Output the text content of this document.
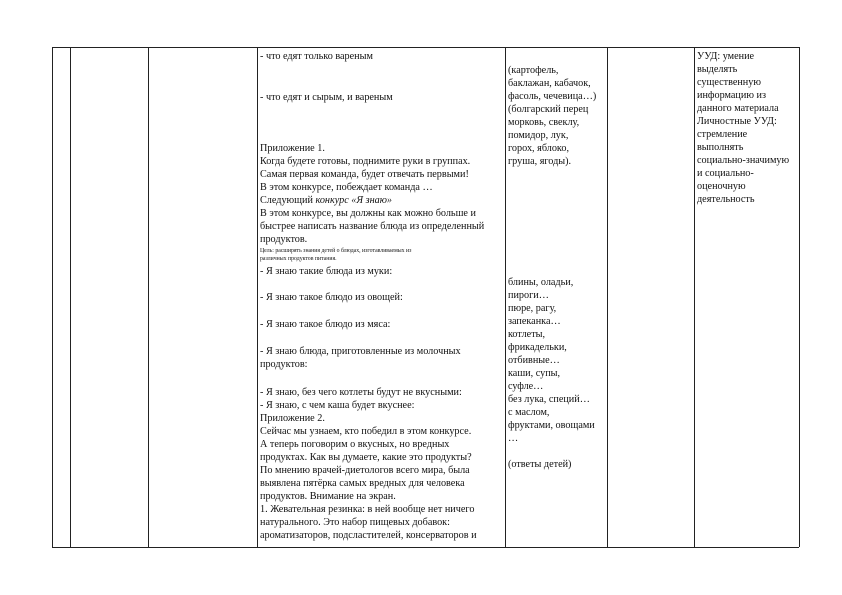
- что едят только вареным
- что едят и сырым, и вареным
Приложение 1.
Когда будете готовы, поднимите руки в группах.
Самая первая команда, будет отвечать первыми!
В этом конкурсе, побеждает команда …
Следующий конкурс «Я знаю»
В этом конкурсе, вы должны как можно больше и
быстрее написать название блюда из определенный
продуктов.
Цель: расширять знания детей о блюдах, изготавливаемых из
различных продуктов питания.
- Я знаю такие блюда из муки:
- Я знаю такое блюдо из овощей:
- Я знаю такое блюдо из мяса:
- Я знаю блюда, приготовленные из молочных
продуктов:
- Я знаю, без чего котлеты будут не вкусными:
- Я знаю, с чем каша будет вкуснее:
Приложение 2.
Сейчас мы узнаем, кто победил в этом конкурсе.
А теперь поговорим о вкусных, но вредных
продуктах. Как вы думаете, какие это продукты?
По мнению врачей-диетологов всего мира, была
выявлена пятёрка самых вредных для человека
продуктов. Внимание на экран.
1. Жевательная резинка: в ней вообще нет ничего
натурального. Это набор пищевых добавок:
ароматизаторов, подсластителей, консерваторов и
(картофель,
баклажан, кабачок,
фасоль, чечевица…)
(болгарский перец
морковь, свеклу,
помидор, лук,
горох, яблоко,
груша, ягоды).
блины, оладьи,
пироги…
пюре, рагу,
запеканка…
котлеты,
фрикадельки,
отбивные…
каши, супы,
суфле…
без лука, специй…
с маслом,
фруктами, овощами
…
(ответы детей)
УУД: умение
выделять
существенную
информацию из
данного материала
Личностные УУД:
стремление
выполнять
социально-значимую
и социально-
оценочную
деятельность
